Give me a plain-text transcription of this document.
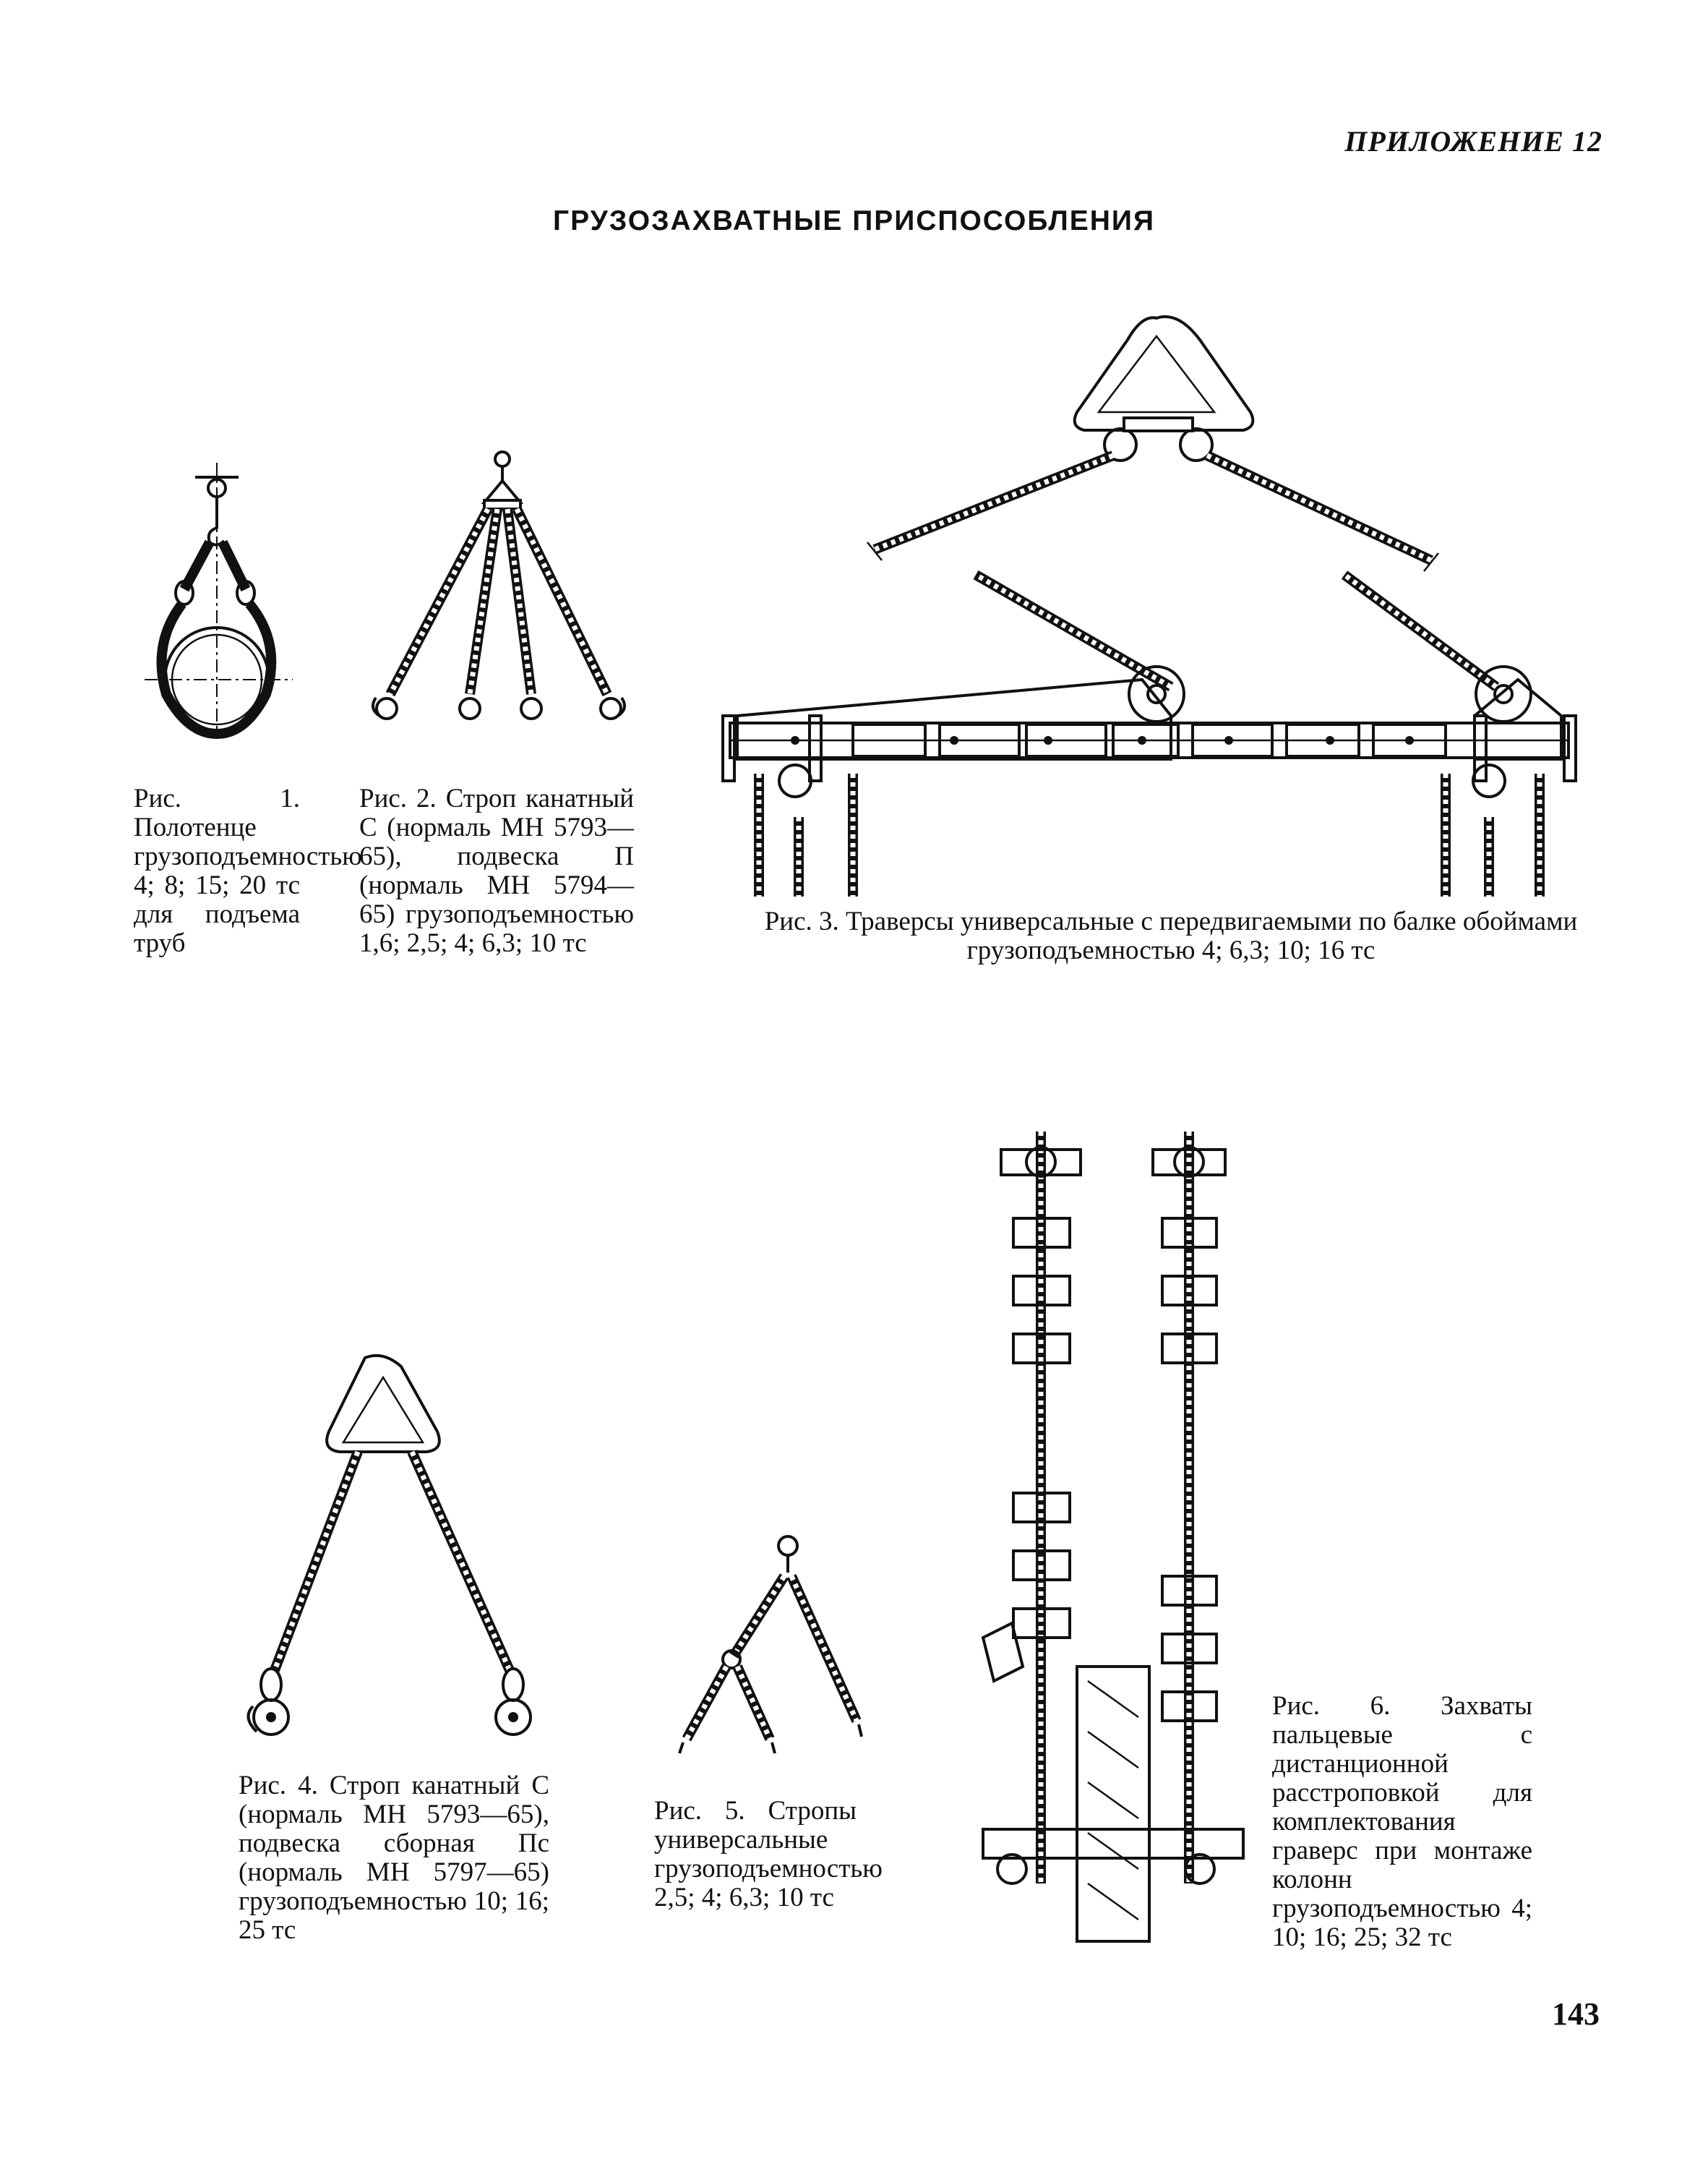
ПРИЛОЖЕНИЕ 12
ГРУЗОЗАХВАТНЫЕ ПРИСПОСОБЛЕНИЯ
Рис. 1. Полотенце грузоподъемностью 4; 8; 15; 20 тс для подъема труб
Рис. 2. Строп канатный С (нормаль МН 5793—65), подвеска П (нормаль МН 5794—65) грузоподъемностью 1,6; 2,5; 4; 6,3; 10 тс
Рис. 3. Траверсы универсальные с передвигаемыми по балке обоймами грузоподъемностью 4; 6,3; 10; 16 тс
Рис. 4. Строп канатный С (нормаль МН 5793—65), подвеска сборная Пс (нормаль МН 5797—65) грузоподъемностью 10; 16; 25 тс
Рис. 5. Стропы универсальные грузоподъемностью 2,5; 4; 6,3; 10 тс
Рис. 6. Захваты пальцевые с дистанционной расстроповкой для комплектования граверс при монтаже колонн грузоподъемностью 4; 10; 16; 25; 32 тс
143
